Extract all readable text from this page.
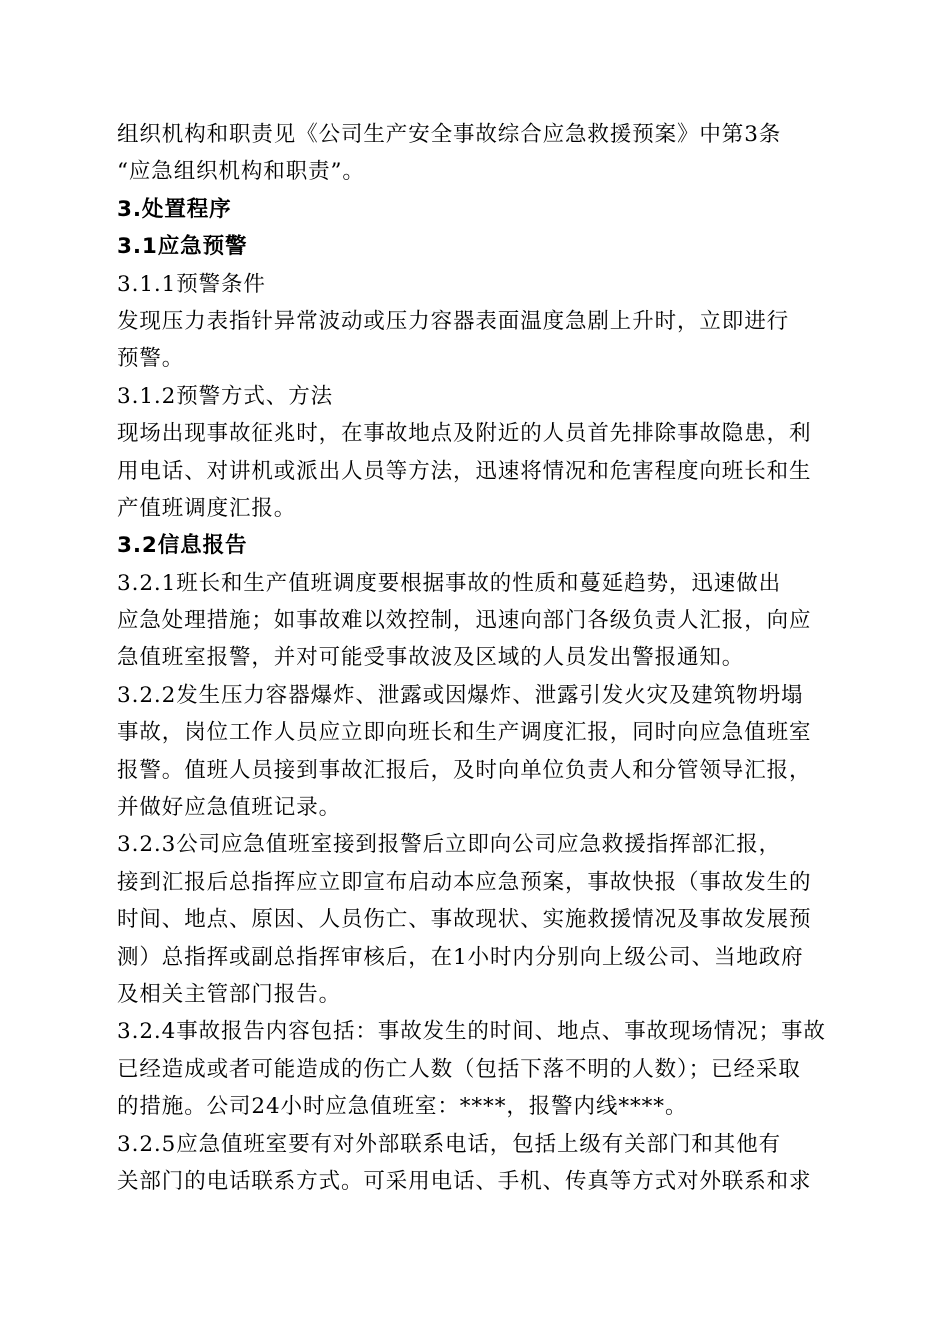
组织机构和职责见《公司生产安全事故综合应急救援预案》中第3条
“应急组织机构和职责”。
3.处置程序
3.1应急预警
3.1.1预警条件
发现压力表指针异常波动或压力容器表面温度急剧上升时，立即进行
预警。
3.1.2预警方式、方法
现场出现事故征兆时，在事故地点及附近的人员首先排除事故隐患，利
用电话、对讲机或派出人员等方法，迅速将情况和危害程度向班长和生
产值班调度汇报。
3.2信息报告
3.2.1班长和生产值班调度要根据事故的性质和蔓延趋势，迅速做出
应急处理措施；如事故难以效控制，迅速向部门各级负责人汇报，向应
急值班室报警，并对可能受事故波及区域的人员发出警报通知。
3.2.2发生压力容器爆炸、泄露或因爆炸、泄露引发火灾及建筑物坍塌
事故，岗位工作人员应立即向班长和生产调度汇报，同时向应急值班室
报警。值班人员接到事故汇报后，及时向单位负责人和分管领导汇报，
并做好应急值班记录。
3.2.3公司应急值班室接到报警后立即向公司应急救援指挥部汇报，
接到汇报后总指挥应立即宣布启动本应急预案，事故快报（事故发生的
时间、地点、原因、人员伤亡、事故现状、实施救援情况及事故发展预
测）总指挥或副总指挥审核后，在1小时内分别向上级公司、当地政府
及相关主管部门报告。
3.2.4事故报告内容包括：事故发生的时间、地点、事故现场情况；事故
已经造成或者可能造成的伤亡人数（包括下落不明的人数）；已经采取
的措施。公司24小时应急值班室：****，报警内线****。
3.2.5应急值班室要有对外部联系电话，包括上级有关部门和其他有
关部门的电话联系方式。可采用电话、手机、传真等方式对外联系和求
